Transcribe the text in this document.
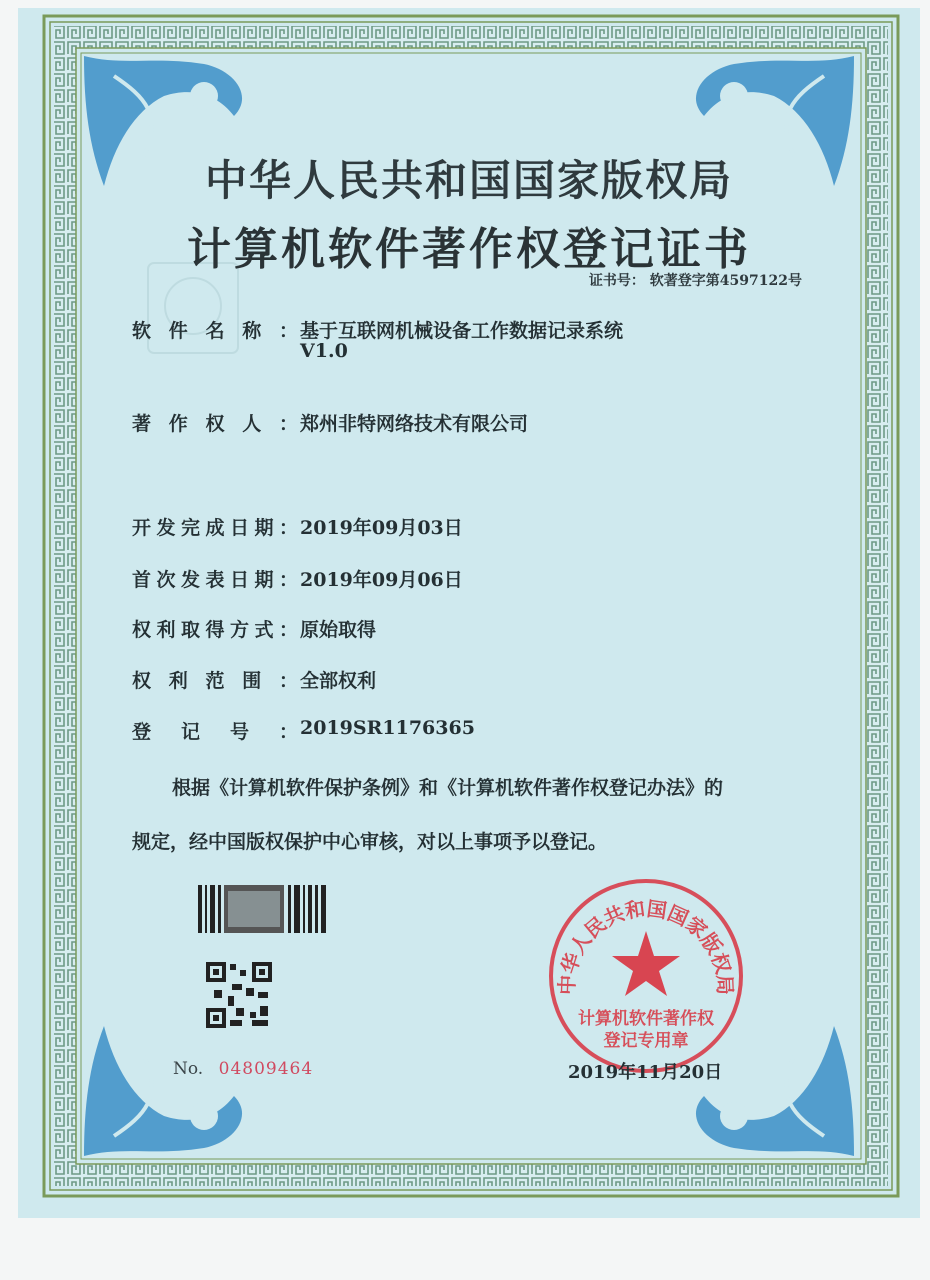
中华人民共和国国家版权局
计算机软件著作权登记证书
证书号： 软著登字第4597122号
软件名称： 基于互联网机械设备工作数据记录系统
V1.0
著作权人： 郑州非特网络技术有限公司
开发完成日期： 2019年09月03日
首次发表日期： 2019年09月06日
权利取得方式： 原始取得
权利范围： 全部权利
登记号： 2019SR1176365
根据《计算机软件保护条例》和《计算机软件著作权登记办法》的
规定，经中国版权保护中心审核，对以上事项予以登记。
No. 04809464
中华人民共和国国家版权局
计算机软件著作权
登记专用章
2019年11月20日
